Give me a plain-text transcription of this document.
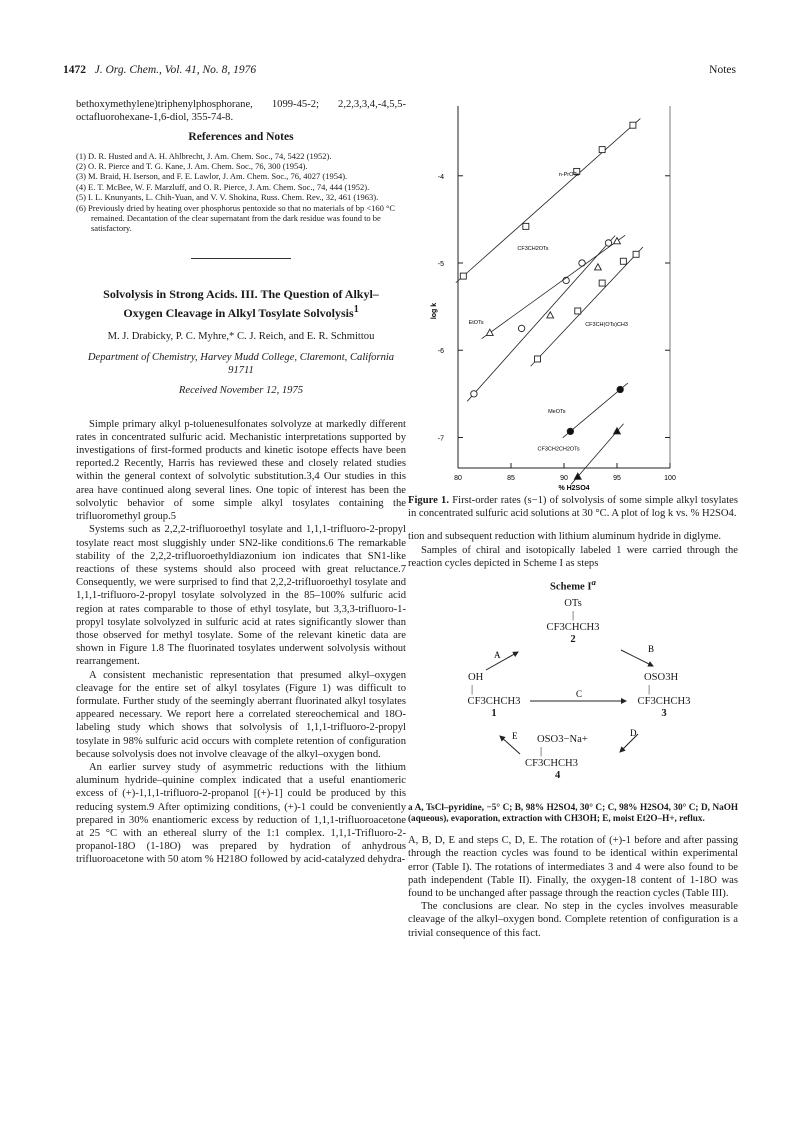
1472 J. Org. Chem., Vol. 41, No. 8, 1976	Notes

bethoxymethylene)triphenylphosphorane, 1099-45-2; 2,2,3,3,4,-4,5,5-octafluorohexane-1,6-diol, 355-74-8.

References and Notes

(1) D. R. Husted and A. H. Ahlbrecht, J. Am. Chem. Soc., 74, 5422 (1952).

(2) O. R. Pierce and T. G. Kane, J. Am. Chem. Soc., 76, 300 (1954).

(3) M. Braid, H. Iserson, and F. E. Lawlor, J. Am. Chem. Soc., 76, 4027 (1954).

(4) E. T. McBee, W. F. Marzluff, and O. R. Pierce, J. Am. Chem. Soc., 74, 444 (1952).

(5) I. L. Knunyants, L. Chih-Yuan, and V. V. Shokina, Russ. Chem. Rev., 32, 461 (1963).

(6) Previously dried by heating over phosphorus pentoxide so that no materials of bp <160 °C remained. Decantation of the clear supernatant from the dark residue was found to be satisfactory.

Solvolysis in Strong Acids. III. The Question of Alkyl–Oxygen Cleavage in Alkyl Tosylate Solvolysis$^1$
M. J. Drabicky, P. C. Myhre,* C. J. Reich, and E. R. Schmittou
Department of Chemistry, Harvey Mudd College, Claremont, California 91711
Received November 12, 1975

Simple primary alkyl p-toluenesulfonates solvolyze at markedly different rates in concentrated sulfuric acid. Mechanistic interpretations supported by investigations of first-formed products and kinetic isotope effects have been reported.2 Recently, Harris has reviewed these and closely related studies within the general context of solvolytic substitution.3,4 Our studies in this area have continued along several lines. One topic of interest has been the solvolytic behavior of some simple alkyl tosylates containing the trifluoromethyl group.5

Systems such as 2,2,2-trifluoroethyl tosylate and 1,1,1-trifluoro-2-propyl tosylate react most sluggishly under SN2-like conditions.6 The remarkable stability of the 2,2,2-trifluoroethyldiazonium ion indicates that SN1-like reactions of these systems should also proceed with great reluctance.7 Consequently, we were surprised to find that 2,2,2-trifluoroethyl tosylate and 1,1,1-trifluoro-2-propyl tosylate solvolyzed in the 85–100% sulfuric acid region at rates comparable to those of ethyl tosylate, but 3,3,3-trifluoro-1-propyl tosylate solvolyzed in sulfuric acid at rates significantly slower than those observed for methyl tosylate. Some of the relevant kinetic data are shown in Figure 1.8 The fluorinated tosylates underwent solvolysis without rearrangement.

A consistent mechanistic representation that presumed alkyl–oxygen cleavage for the entire set of alkyl tosylates (Figure 1) was difficult to formulate. Further study of the seemingly aberrant fluorinated alkyl tosylates appeared necessary. We report here a correlated stereochemical and 18O-labeling study which shows that solvolysis of 1,1,1-trifluoro-2-propyl tosylate in 98% sulfuric acid occurs with complete retention of configuration because solvolysis does not involve cleavage of the alkyl–oxygen bond.

An earlier survey study of asymmetric reductions with the lithium aluminum hydride–quinine complex indicated that a useful enantiomeric excess of (+)-1,1,1-trifluoro-2-propanol [(+)-1] could be produced by this reducing system.9 After optimizing conditions, (+)-1 could be conveniently prepared in 30% enantiomeric excess by reduction of 1,1,1-trifluoroacetone at 25 °C with an ethereal slurry of the 1:1 complex. 1,1,1-Trifluoro-2-propanol-18O (1-18O) was prepared by hydration of anhydrous trifluoroacetone with 50 atom % H218O followed by acid-catalyzed dehydra-

80	85	90	95	100
-4
-5
-6
-7
% H2SO4
log k
n-PrOTs
CF3CH2OTs
EtOTs	CF3CH(OTs)CH3
MeOTs
CF3CH2CH2OTs
Figure 1. First-order rates (s−1) of solvolysis of some simple alkyl tosylates in concentrated sulfuric acid solutions at 30 °C. A plot of log k vs. % H2SO4.

tion and subsequent reduction with lithium aluminum hydride in diglyme.

Samples of chiral and isotopically labeled 1 were carried through the reaction cycles depicted in Scheme I as steps

Scheme $I^a$
OTs
|
CF3CHCH3
2
OH
|
CF3CHCH3
1
OSO3H
|
CF3CHCH3
3
OSO3−Na+
|
CF3CHCH3
4
A
B
C
D
E
a A, TsCl–pyridine, −5° C; B, 98% H2SO4, 30° C; C, 98% H2SO4, 30° C; D, NaOH (aqueous), evaporation, extraction with CH3OH; E, moist Et2O–H+, reflux.

A, B, D, E and steps C, D, E. The rotation of (+)-1 before and after passing through the reaction cycles was found to be identical within experimental error (Table I). The rotations of intermediates 3 and 4 were also found to be path independent (Table II). Finally, the oxygen-18 content of 1-18O was found to be unchanged after passage through the reaction cycles (Table III).

The conclusions are clear. No step in the cycles involves measurable cleavage of the alkyl–oxygen bond. Complete retention of configuration is a trivial consequence of this fact.
